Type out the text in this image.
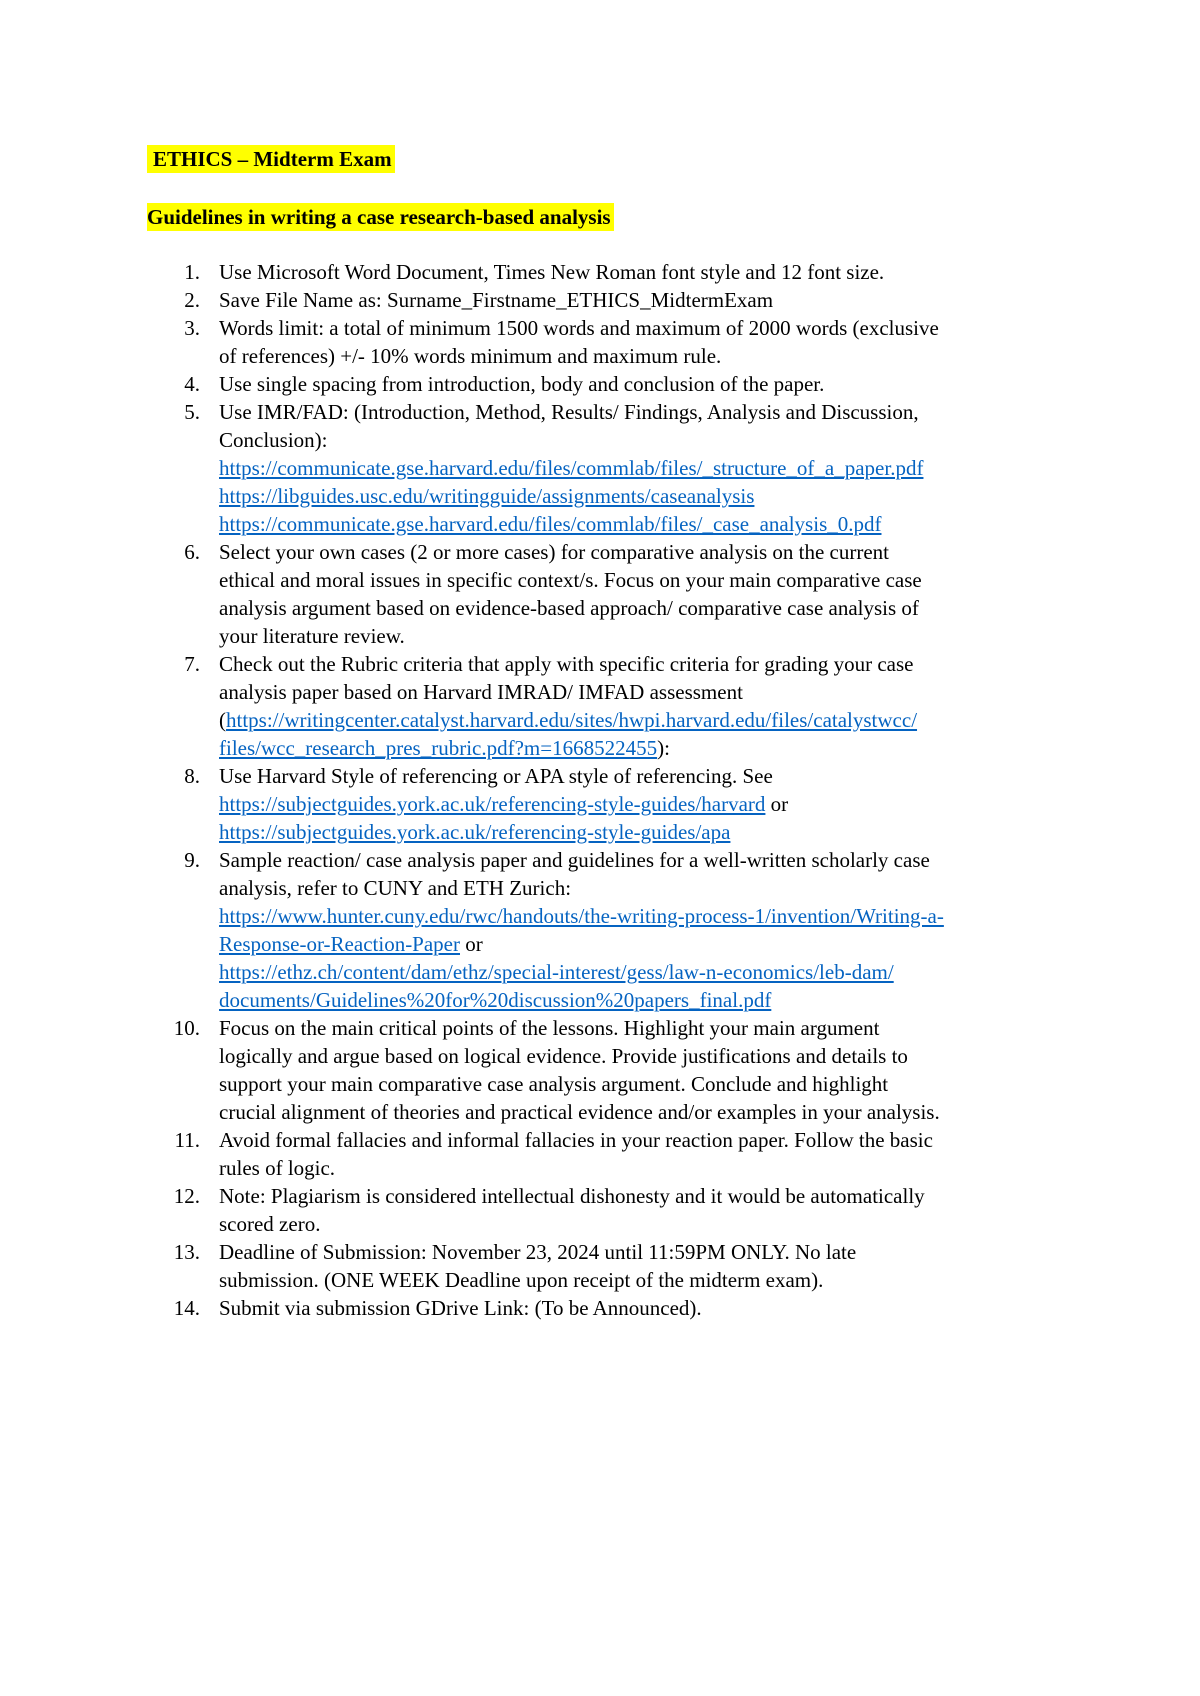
ETHICS – Midterm Exam
Guidelines in writing a case research-based analysis
1. Use Microsoft Word Document, Times New Roman font style and 12 font size.
2. Save File Name as: Surname_Firstname_ETHICS_MidtermExam
3. Words limit: a total of minimum 1500 words and maximum of 2000 words (exclusive
of references) +/- 10% words minimum and maximum rule.
4. Use single spacing from introduction, body and conclusion of the paper.
5. Use IMR/FAD: (Introduction, Method, Results/ Findings, Analysis and Discussion,
Conclusion):
https://communicate.gse.harvard.edu/files/commlab/files/_structure_of_a_paper.pdf
https://libguides.usc.edu/writingguide/assignments/caseanalysis
https://communicate.gse.harvard.edu/files/commlab/files/_case_analysis_0.pdf
6. Select your own cases (2 or more cases) for comparative analysis on the current
ethical and moral issues in specific context/s. Focus on your main comparative case
analysis argument based on evidence-based approach/ comparative case analysis of
your literature review.
7. Check out the Rubric criteria that apply with specific criteria for grading your case
analysis paper based on Harvard IMRAD/ IMFAD assessment
(https://writingcenter.catalyst.harvard.edu/sites/hwpi.harvard.edu/files/catalystwcc/
files/wcc_research_pres_rubric.pdf?m=1668522455):
8. Use Harvard Style of referencing or APA style of referencing. See
https://subjectguides.york.ac.uk/referencing-style-guides/harvard or
https://subjectguides.york.ac.uk/referencing-style-guides/apa
9. Sample reaction/ case analysis paper and guidelines for a well-written scholarly case
analysis, refer to CUNY and ETH Zurich:
https://www.hunter.cuny.edu/rwc/handouts/the-writing-process-1/invention/Writing-a-
Response-or-Reaction-Paper or
https://ethz.ch/content/dam/ethz/special-interest/gess/law-n-economics/leb-dam/
documents/Guidelines%20for%20discussion%20papers_final.pdf
10. Focus on the main critical points of the lessons. Highlight your main argument
logically and argue based on logical evidence. Provide justifications and details to
support your main comparative case analysis argument. Conclude and highlight
crucial alignment of theories and practical evidence and/or examples in your analysis.
11. Avoid formal fallacies and informal fallacies in your reaction paper. Follow the basic
rules of logic.
12. Note: Plagiarism is considered intellectual dishonesty and it would be automatically
scored zero.
13. Deadline of Submission: November 23, 2024 until 11:59PM ONLY. No late
submission. (ONE WEEK Deadline upon receipt of the midterm exam).
14. Submit via submission GDrive Link: (To be Announced).
